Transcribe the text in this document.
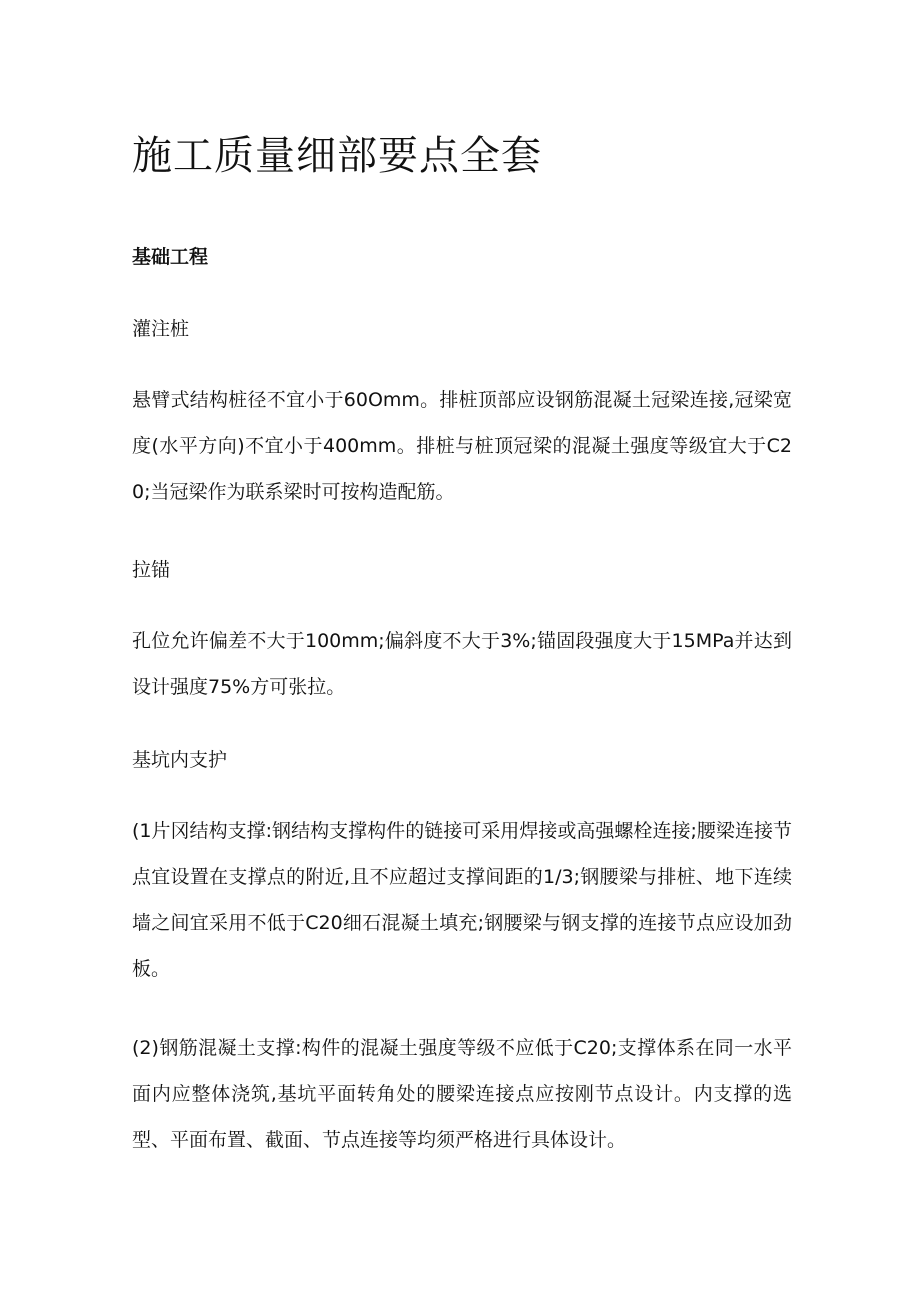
施工质量细部要点全套
基础工程
灌注桩

悬臂式结构桩径不宜小于60Omm。排桩顶部应设钢筋混凝土冠梁连接,冠梁宽度(水平方向)不宜小于400mm。排桩与桩顶冠梁的混凝土强度等级宜大于C20;当冠梁作为联系梁时可按构造配筋。

拉锚

孔位允许偏差不大于100mm;偏斜度不大于3%;锚固段强度大于15MPa并达到设计强度75%方可张拉。

基坑内支护

(1片冈结构支撑:钢结构支撑构件的链接可采用焊接或高强螺栓连接;腰梁连接节点宜设置在支撑点的附近,且不应超过支撑间距的1/3;钢腰梁与排桩、地下连续墙之间宜采用不低于C20细石混凝土填充;钢腰梁与钢支撑的连接节点应设加劲板。

(2)钢筋混凝土支撑:构件的混凝土强度等级不应低于C20;支撑体系在同一水平面内应整体浇筑,基坑平面转角处的腰梁连接点应按刚节点设计。内支撑的选型、平面布置、截面、节点连接等均须严格进行具体设计。
